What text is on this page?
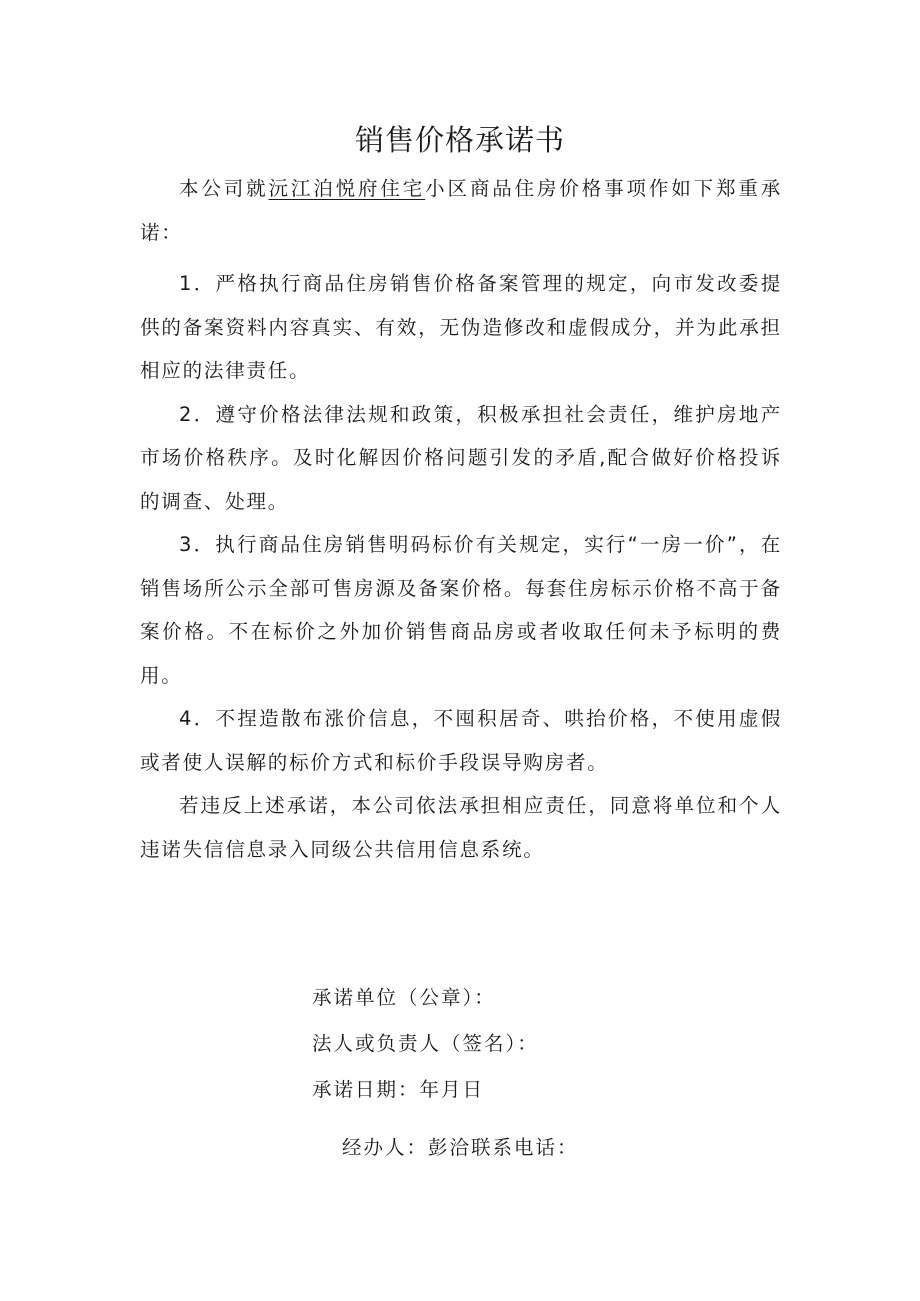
销售价格承诺书

本公司就沅江泊悦府住宅小区商品住房价格事项作如下郑重承诺：

1．严格执行商品住房销售价格备案管理的规定，向市发改委提供的备案资料内容真实、有效，无伪造修改和虚假成分，并为此承担相应的法律责任。

2．遵守价格法律法规和政策，积极承担社会责任，维护房地产市场价格秩序。及时化解因价格问题引发的矛盾,配合做好价格投诉的调查、处理。

3．执行商品住房销售明码标价有关规定，实行“一房一价”，在销售场所公示全部可售房源及备案价格。每套住房标示价格不高于备案价格。不在标价之外加价销售商品房或者收取任何未予标明的费用。

4．不捏造散布涨价信息，不囤积居奇、哄抬价格，不使用虚假或者使人误解的标价方式和标价手段误导购房者。

若违反上述承诺，本公司依法承担相应责任，同意将单位和个人违诺失信信息录入同级公共信用信息系统。

承诺单位（公章）：
法人或负责人（签名）：
承诺日期：年月日
经办人：彭洽联系电话：
